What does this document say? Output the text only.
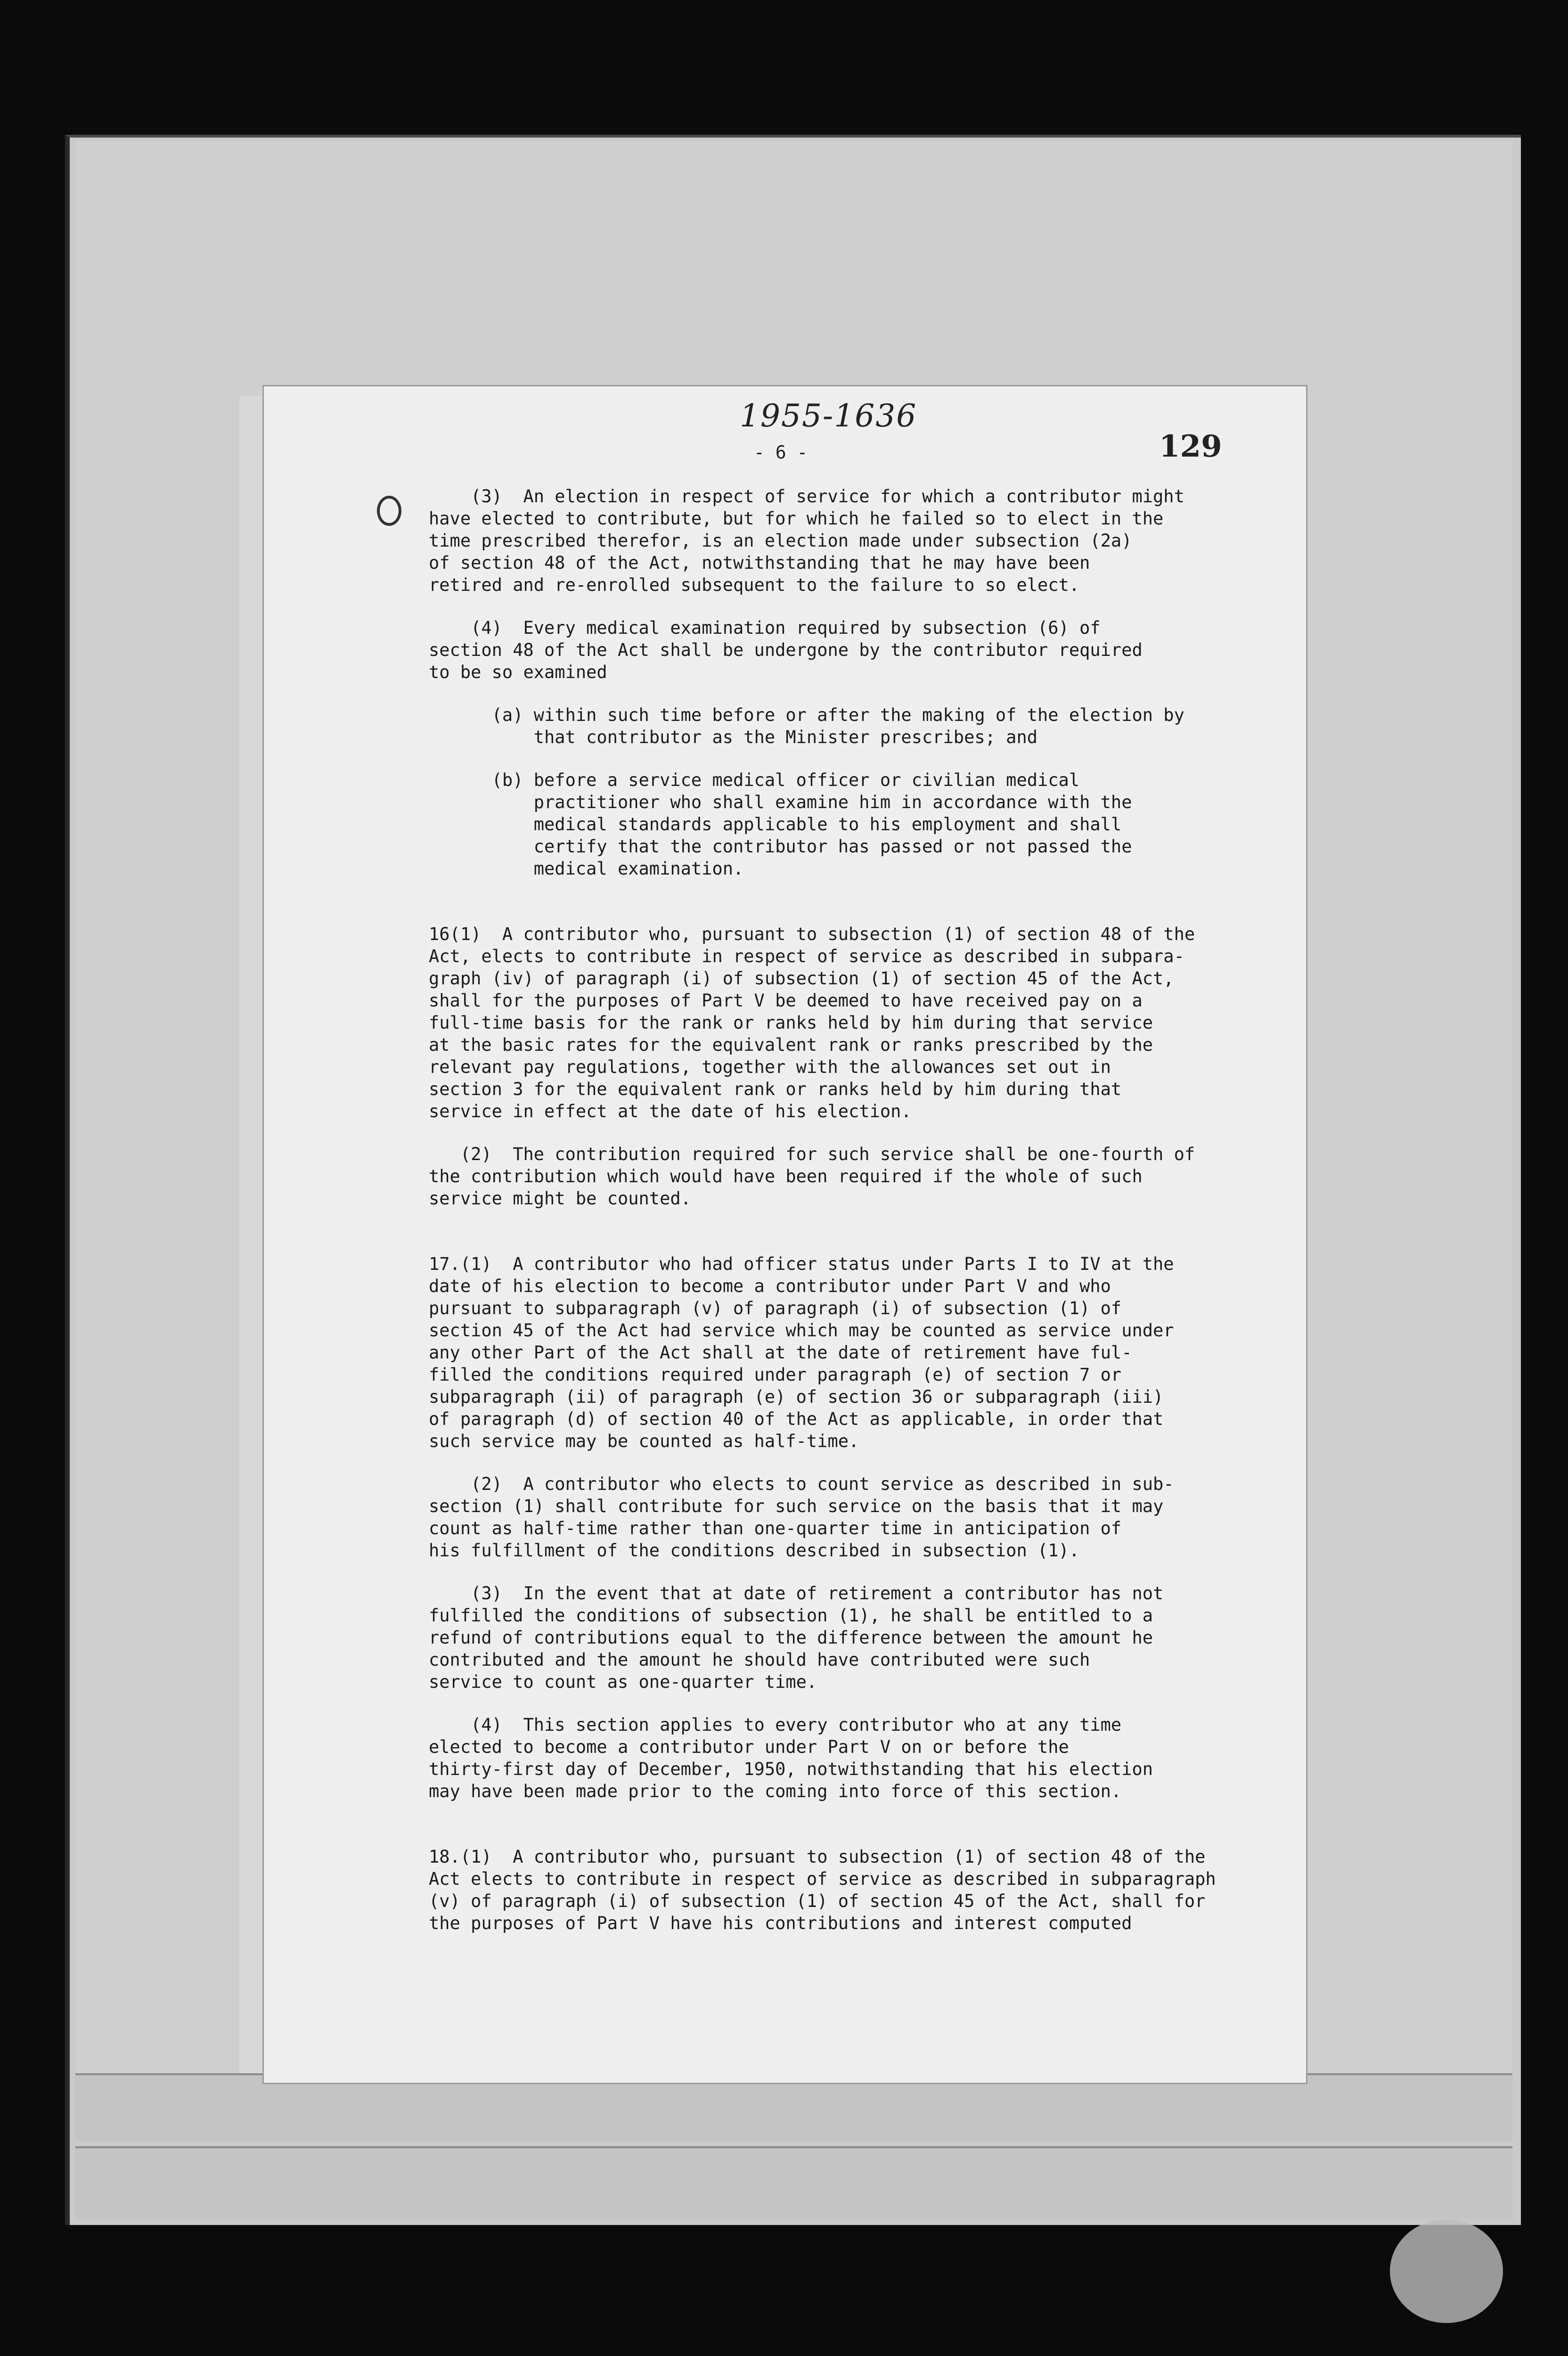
1955-1636
129
- 6 -

(3)  An election in respect of service for which a contributor might
have elected to contribute, but for which he failed so to elect in the
time prescribed therefor, is an election made under subsection (2a)
of section 48 of the Act, notwithstanding that he may have been
retired and re-enrolled subsequent to the failure to so elect.

(4)  Every medical examination required by subsection (6) of
section 48 of the Act shall be undergone by the contributor required
to be so examined

(a) within such time before or after the making of the election by
that contributor as the Minister prescribes; and

(b) before a service medical officer or civilian medical
practitioner who shall examine him in accordance with the
medical standards applicable to his employment and shall
certify that the contributor has passed or not passed the
medical examination.

16(1)  A contributor who, pursuant to subsection (1) of section 48 of the
Act, elects to contribute in respect of service as described in subpara-
graph (iv) of paragraph (i) of subsection (1) of section 45 of the Act,
shall for the purposes of Part V be deemed to have received pay on a
full-time basis for the rank or ranks held by him during that service
at the basic rates for the equivalent rank or ranks prescribed by the
relevant pay regulations, together with the allowances set out in
section 3 for the equivalent rank or ranks held by him during that
service in effect at the date of his election.

(2)  The contribution required for such service shall be one-fourth of
the contribution which would have been required if the whole of such
service might be counted.

17.(1)  A contributor who had officer status under Parts I to IV at the
date of his election to become a contributor under Part V and who
pursuant to subparagraph (v) of paragraph (i) of subsection (1) of
section 45 of the Act had service which may be counted as service under
any other Part of the Act shall at the date of retirement have ful-
filled the conditions required under paragraph (e) of section 7 or
subparagraph (ii) of paragraph (e) of section 36 or subparagraph (iii)
of paragraph (d) of section 40 of the Act as applicable, in order that
such service may be counted as half-time.

(2)  A contributor who elects to count service as described in sub-
section (1) shall contribute for such service on the basis that it may
count as half-time rather than one-quarter time in anticipation of
his fulfillment of the conditions described in subsection (1).

(3)  In the event that at date of retirement a contributor has not
fulfilled the conditions of subsection (1), he shall be entitled to a
refund of contributions equal to the difference between the amount he
contributed and the amount he should have contributed were such
service to count as one-quarter time.

(4)  This section applies to every contributor who at any time
elected to become a contributor under Part V on or before the
thirty-first day of December, 1950, notwithstanding that his election
may have been made prior to the coming into force of this section.

18.(1)  A contributor who, pursuant to subsection (1) of section 48 of the
Act elects to contribute in respect of service as described in subparagraph
(v) of paragraph (i) of subsection (1) of section 45 of the Act, shall for
the purposes of Part V have his contributions and interest computed
